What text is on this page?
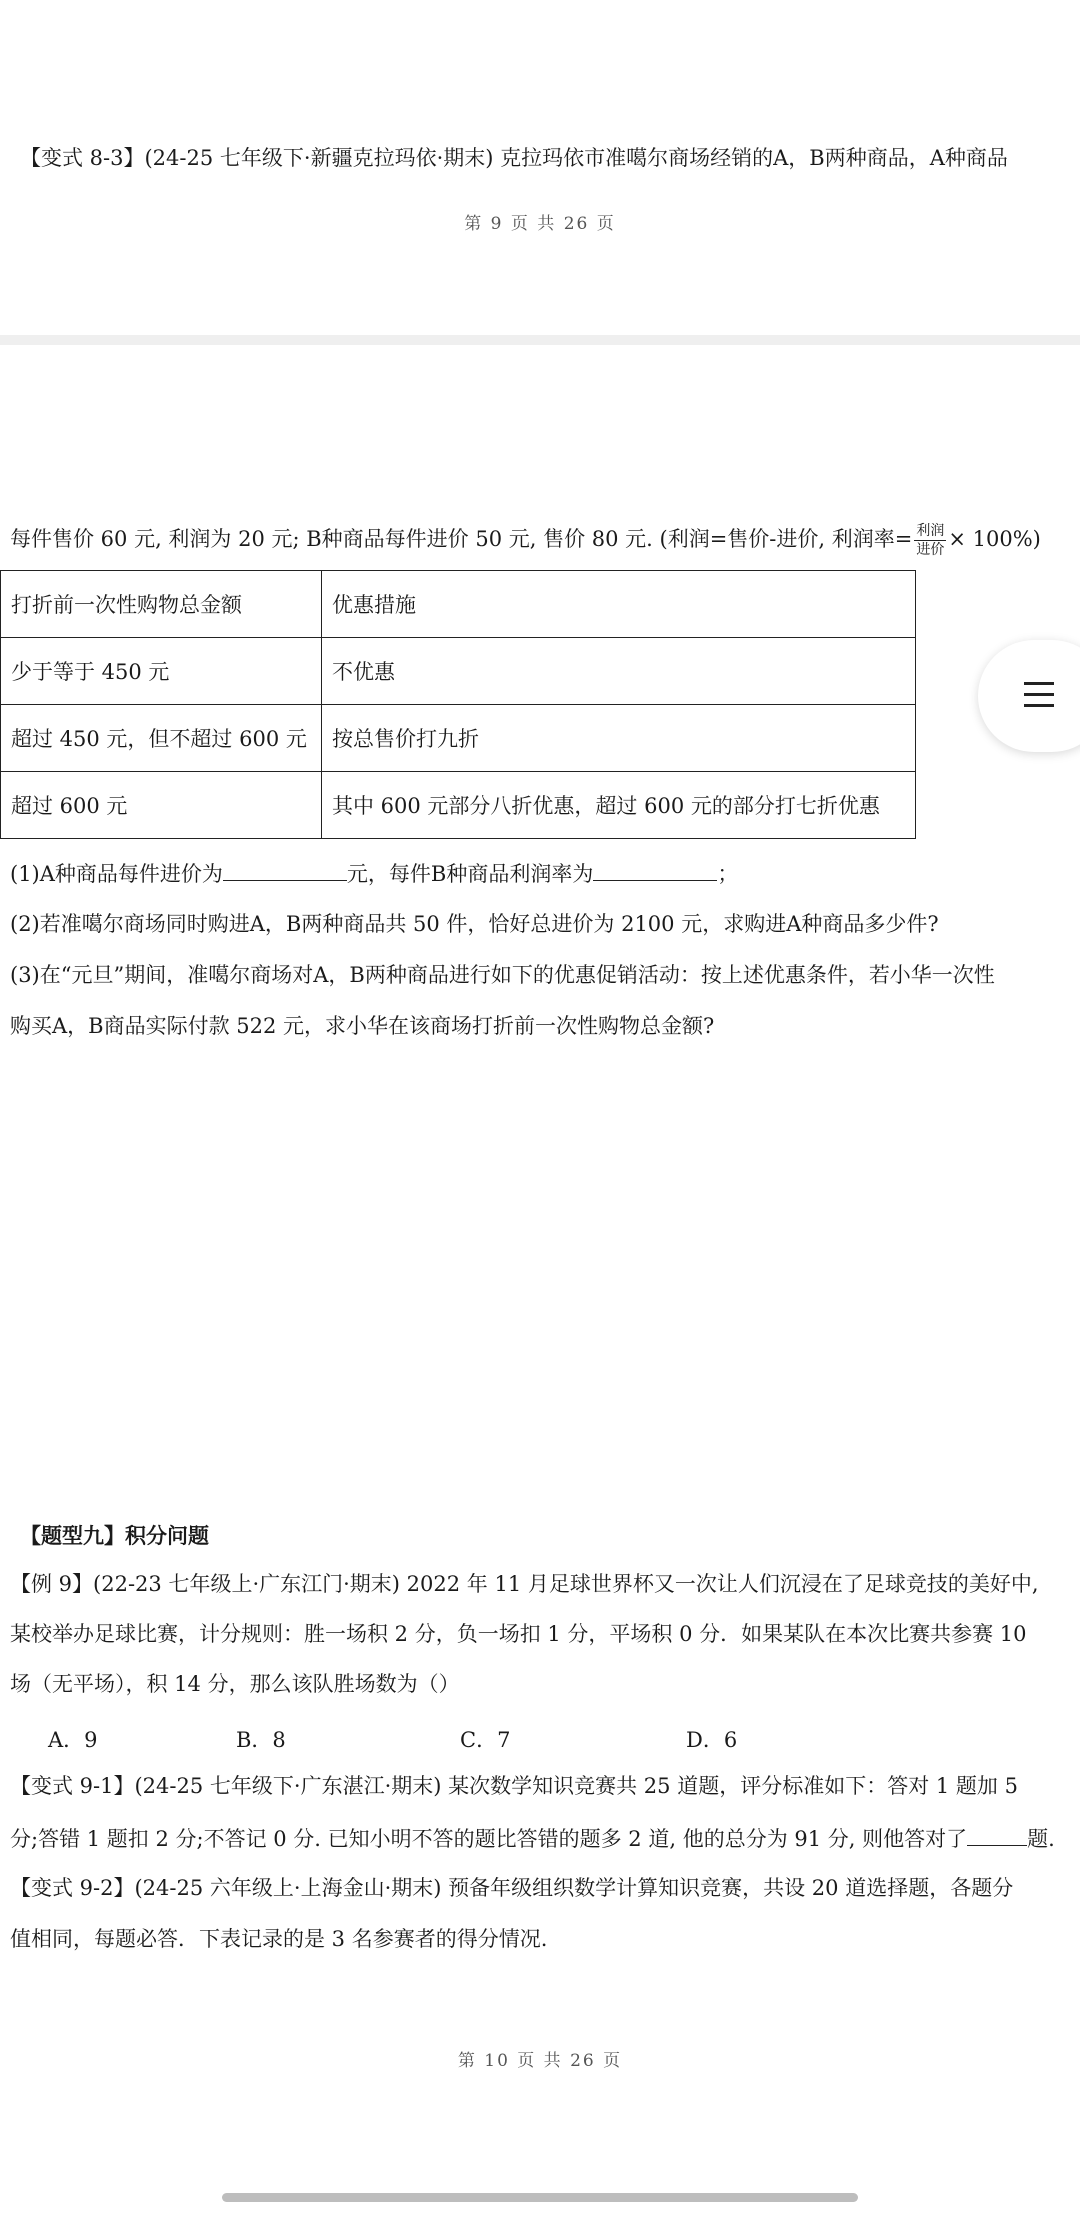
【变式 8-3】(24-25 七年级下·新疆克拉玛依·期末) 克拉玛依市准噶尔商场经销的A，B两种商品，A种商品
第 9 页 共 26 页
每件售价 60 元, 利润为 20 元; B种商品每件进价 50 元, 售价 80 元. (利润=售价-进价, 利润率= $\frac{\text{利润}}{\text{进价}} \times 100\%$)
打折前一次性购物总金额	优惠措施
少于等于 450 元	不优惠
超过 450 元，但不超过 600 元	按总售价打九折
超过 600 元	其中 600 元部分八折优惠，超过 600 元的部分打七折优惠
(1)A种商品每件进价为	元，每件B种商品利润率为	；
(2)若准噶尔商场同时购进A，B两种商品共 50 件，恰好总进价为 2100 元，求购进A种商品多少件?
(3)在“元旦”期间，准噶尔商场对A，B两种商品进行如下的优惠促销活动：按上述优惠条件，若小华一次性
购买A，B商品实际付款 522 元，求小华在该商场打折前一次性购物总金额?
【题型九】积分问题
【例 9】(22-23 七年级上·广东江门·期末) 2022 年 11 月足球世界杯又一次让人们沉浸在了足球竞技的美好中,
某校举办足球比赛，计分规则：胜一场积 2 分，负一场扣 1 分，平场积 0 分．如果某队在本次比赛共参赛 10
场（无平场），积 14 分，那么该队胜场数为（）
A．9	B．8	C．7	D．6
【变式 9-1】(24-25 七年级下·广东湛江·期末) 某次数学知识竞赛共 25 道题，评分标准如下：答对 1 题加 5
分;答错 1 题扣 2 分;不答记 0 分. 已知小明不答的题比答错的题多 2 道, 他的总分为 91 分, 则他答对了	题.
【变式 9-2】(24-25 六年级上·上海金山·期末) 预备年级组织数学计算知识竞赛，共设 20 道选择题，各题分
值相同，每题必答．下表记录的是 3 名参赛者的得分情况.
第 10 页 共 26 页
